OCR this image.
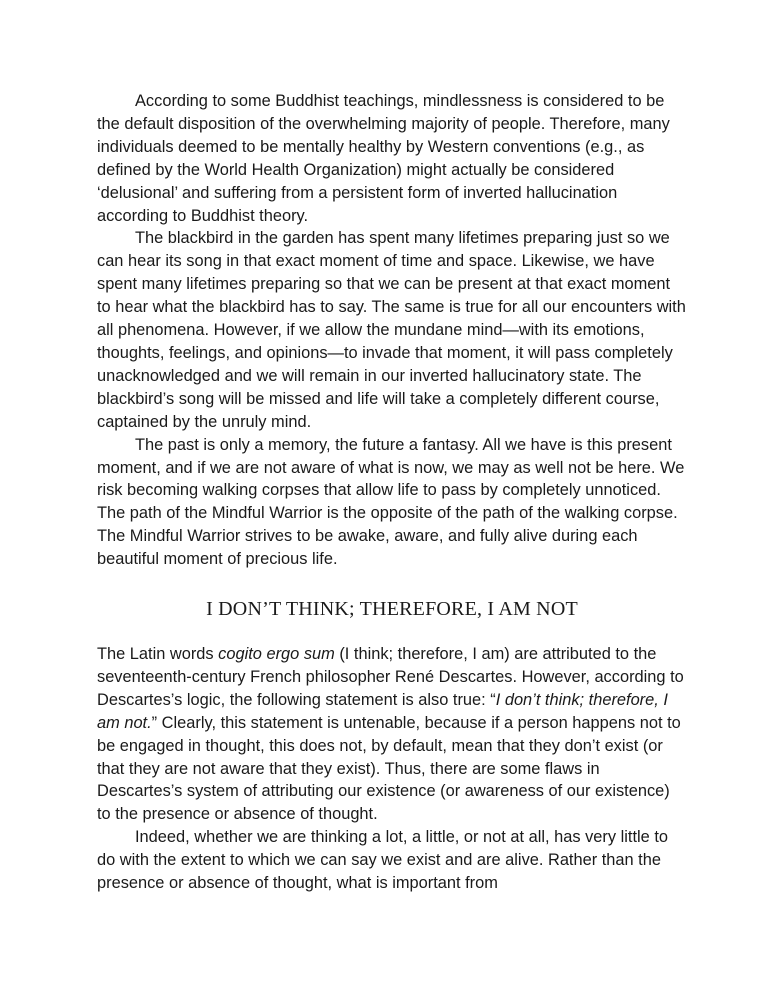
According to some Buddhist teachings, mindlessness is considered to be the default disposition of the overwhelming majority of people. Therefore, many individuals deemed to be mentally healthy by Western conventions (e.g., as defined by the World Health Organization) might actually be considered ‘delusional’ and suffering from a persistent form of inverted hallucination according to Buddhist theory.

The blackbird in the garden has spent many lifetimes preparing just so we can hear its song in that exact moment of time and space. Likewise, we have spent many lifetimes preparing so that we can be present at that exact moment to hear what the blackbird has to say. The same is true for all our encounters with all phenomena. However, if we allow the mundane mind—with its emotions, thoughts, feelings, and opinions—to invade that moment, it will pass completely unacknowledged and we will remain in our inverted hallucinatory state. The blackbird’s song will be missed and life will take a completely different course, captained by the unruly mind.

The past is only a memory, the future a fantasy. All we have is this present moment, and if we are not aware of what is now, we may as well not be here. We risk becoming walking corpses that allow life to pass by completely unnoticed. The path of the Mindful Warrior is the opposite of the path of the walking corpse. The Mindful Warrior strives to be awake, aware, and fully alive during each beautiful moment of precious life.

I DON’T THINK; THEREFORE, I AM NOT

The Latin words cogito ergo sum (I think; therefore, I am) are attributed to the seventeenth-century French philosopher René Descartes. However, according to Descartes’s logic, the following statement is also true: “I don’t think; therefore, I am not.” Clearly, this statement is untenable, because if a person happens not to be engaged in thought, this does not, by default, mean that they don’t exist (or that they are not aware that they exist). Thus, there are some flaws in Descartes’s system of attributing our existence (or awareness of our existence) to the presence or absence of thought.

Indeed, whether we are thinking a lot, a little, or not at all, has very little to do with the extent to which we can say we exist and are alive. Rather than the presence or absence of thought, what is important from
